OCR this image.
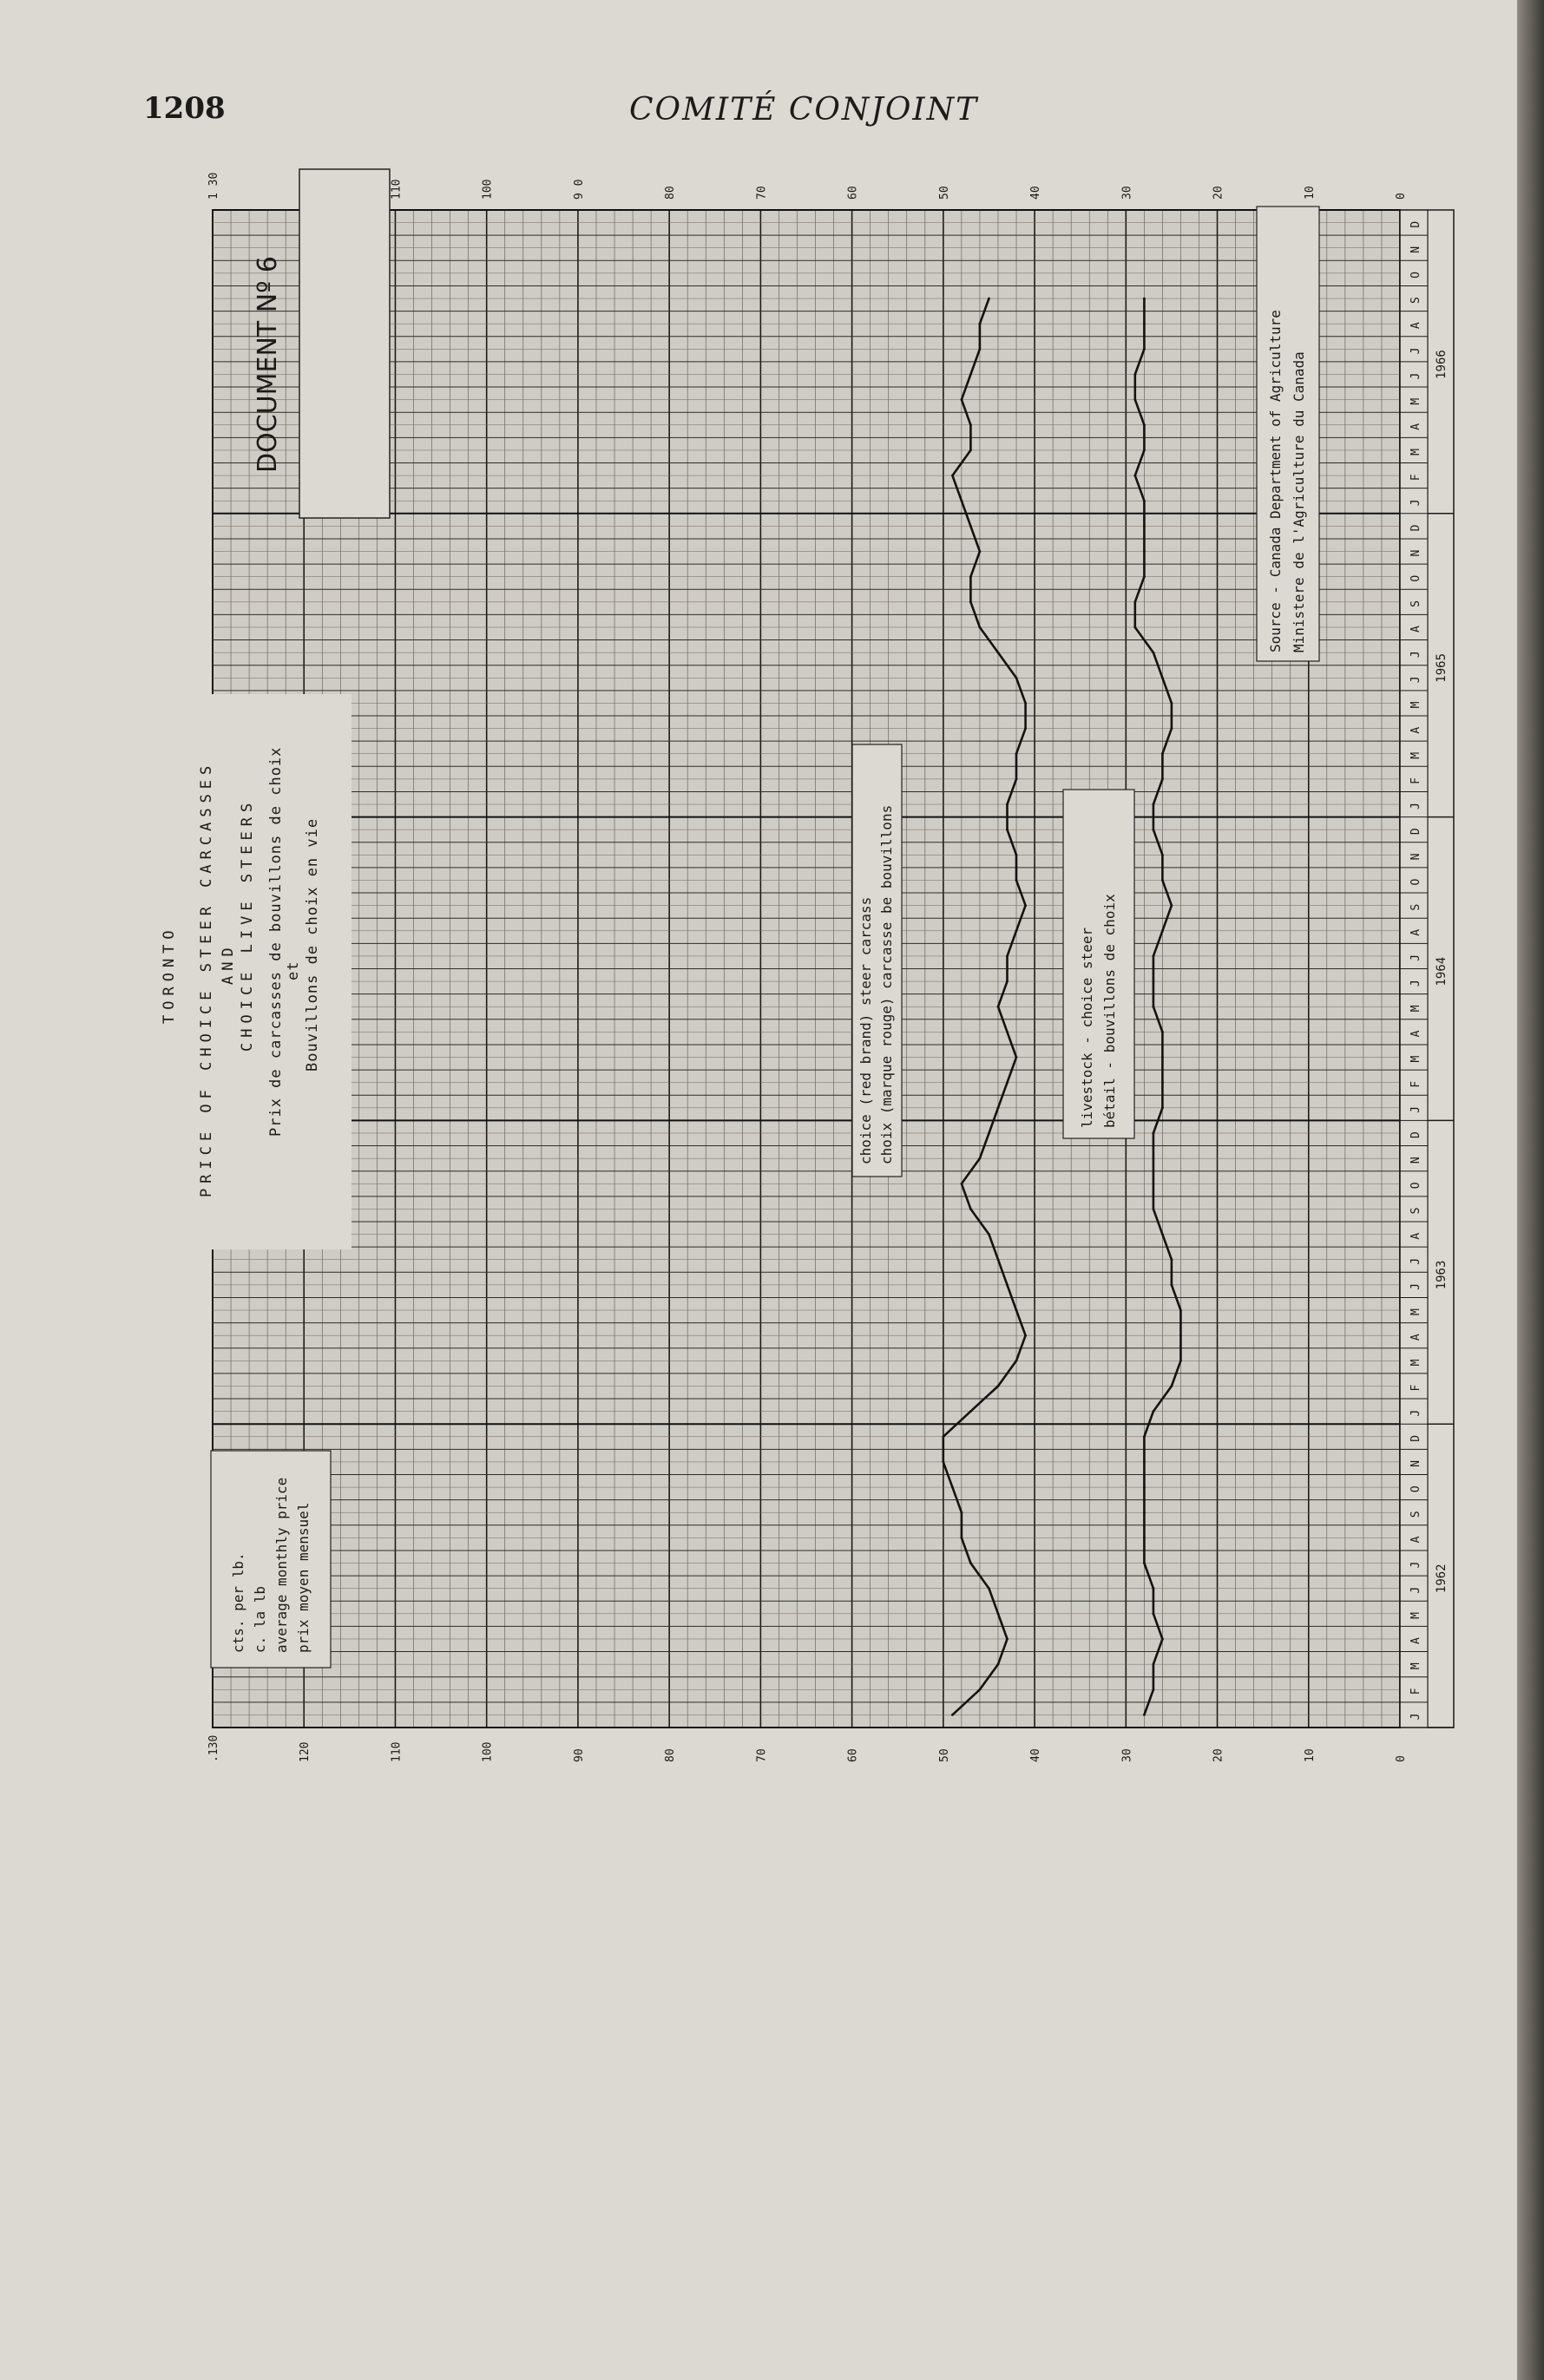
1208	COMITÉ CONJOINT
.130
1 30
120	110
110
100
100
90
9 0
80
80
70
70
60
60
50
50
40
40
30
30
20
20
10
10
0
0
J
F
M
A
M
J
J
A
S
O
N
D
J
F
M
A
M
J
J
A
S
O
N
D
J
F
M
A
M
J
J
A
S
O
N
D
J
F
M
A
M
J
J
A
S
O
N
D
J
F
M
A
M
J
J
A
S
O
N
D
1962
1963
1964
1965
1966
DOCUMENT Nº 6
TORONTO PRICE OF CHOICE STEER CARCASSES AND CHOICE LIVE STEERS Prix de carcasses de bouvillons de choix et Bouvillons de choix en vie
cts. per lb. c. la lb average monthly price prix moyen mensuel
choice (red brand) steer carcass choix (marque rouge) carcasse be bouvillons	livestock - choice steer bétail - bouvillons de choix
Source - Canada Department of Agriculture Ministere de l'Agriculture du Canada
